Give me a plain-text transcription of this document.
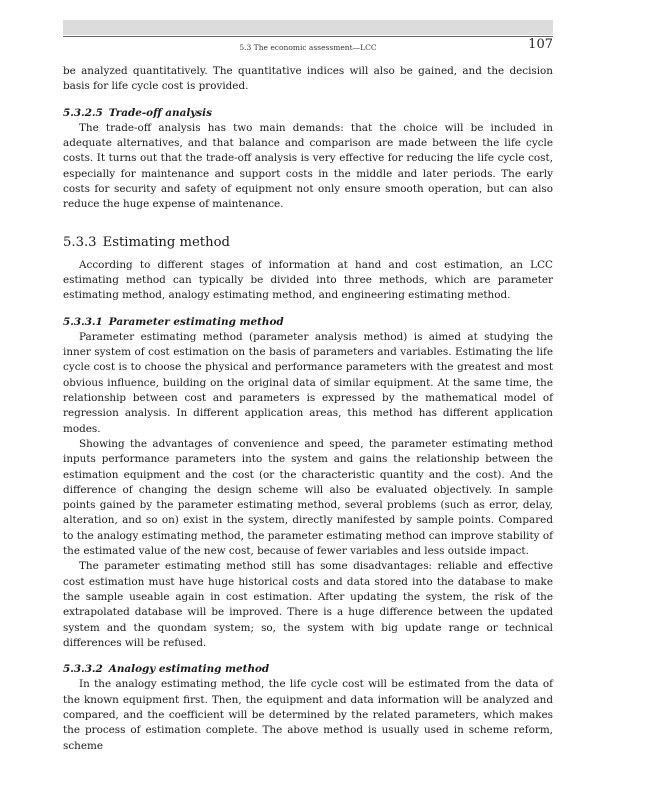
5.3 The economic assessment—LCC	107

be analyzed quantitatively. The quantitative indices will also be gained, and the decision basis for life cycle cost is provided.

5.3.2.5 Trade-off analysis

The trade-off analysis has two main demands: that the choice will be included in adequate alternatives, and that balance and comparison are made between the life cycle costs. It turns out that the trade-off analysis is very effective for reducing the life cycle cost, especially for maintenance and support costs in the middle and later periods. The early costs for security and safety of equipment not only ensure smooth operation, but can also reduce the huge expense of maintenance.

5.3.3 Estimating method

According to different stages of information at hand and cost estimation, an LCC estimating method can typically be divided into three methods, which are parameter estimating method, analogy estimating method, and engineering estimating method.

5.3.3.1 Parameter estimating method

Parameter estimating method (parameter analysis method) is aimed at studying the inner system of cost estimation on the basis of parameters and variables. Estimating the life cycle cost is to choose the physical and performance parameters with the greatest and most obvious influence, building on the original data of similar equipment. At the same time, the relationship between cost and parameters is expressed by the mathematical model of regression analysis. In different application areas, this method has different application modes.

Showing the advantages of convenience and speed, the parameter estimating method inputs performance parameters into the system and gains the relationship between the estimation equipment and the cost (or the characteristic quantity and the cost). And the difference of changing the design scheme will also be evaluated objectively. In sample points gained by the parameter estimating method, several problems (such as error, delay, alteration, and so on) exist in the system, directly manifested by sample points. Compared to the analogy estimating method, the parameter estimating method can improve stability of the estimated value of the new cost, because of fewer variables and less outside impact.

The parameter estimating method still has some disadvantages: reliable and effective cost estimation must have huge historical costs and data stored into the database to make the sample useable again in cost estimation. After updating the system, the risk of the extrapolated database will be improved. There is a huge difference between the updated system and the quondam system; so, the system with big update range or technical differences will be refused.

5.3.3.2 Analogy estimating method

In the analogy estimating method, the life cycle cost will be estimated from the data of the known equipment first. Then, the equipment and data information will be analyzed and compared, and the coefficient will be determined by the related parameters, which makes the process of estimation complete. The above method is usually used in scheme reform, scheme
